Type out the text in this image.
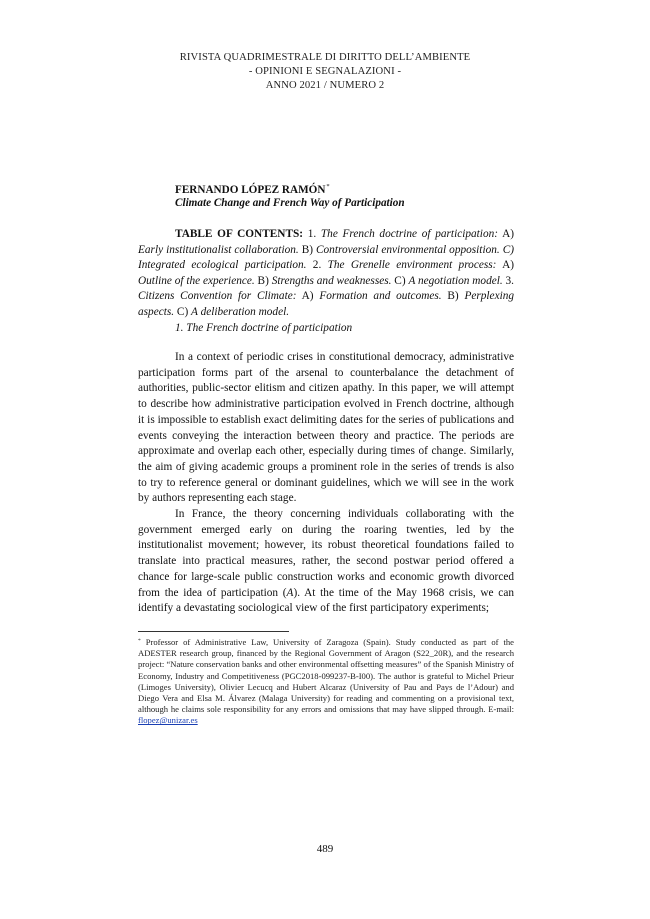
RIVISTA QUADRIMESTRALE DI DIRITTO DELL’AMBIENTE
- OPINIONI E SEGNALAZIONI -
ANNO 2021 / NUMERO 2
FERNANDO LÓPEZ RAMÓN*
Climate Change and French Way of Participation
TABLE OF CONTENTS: 1. The French doctrine of participation: A) Early institutionalist collaboration. B) Controversial environmental opposition. C) Integrated ecological participation. 2. The Grenelle environment process: A) Outline of the experience. B) Strengths and weaknesses. C) A negotiation model. 3. Citizens Convention for Climate: A) Formation and outcomes. B) Perplexing aspects. C) A deliberation model.
1. The French doctrine of participation

In a context of periodic crises in constitutional democracy, administrative participation forms part of the arsenal to counterbalance the detachment of authorities, public-sector elitism and citizen apathy. In this paper, we will attempt to describe how administrative participation evolved in French doctrine, although it is impossible to establish exact delimiting dates for the series of publications and events conveying the interaction between theory and practice. The periods are approximate and overlap each other, especially during times of change. Similarly, the aim of giving academic groups a prominent role in the series of trends is also to try to reference general or dominant guidelines, which we will see in the work by authors representing each stage.

In France, the theory concerning individuals collaborating with the government emerged early on during the roaring twenties, led by the institutionalist movement; however, its robust theoretical foundations failed to translate into practical measures, rather, the second postwar period offered a chance for large-scale public construction works and economic growth divorced from the idea of participation (A). At the time of the May 1968 crisis, we can identify a devastating sociological view of the first participatory experiments;

* Professor of Administrative Law, University of Zaragoza (Spain). Study conducted as part of the ADESTER research group, financed by the Regional Government of Aragon (S22_20R), and the research project: “Nature conservation banks and other environmental offsetting measures” of the Spanish Ministry of Economy, Industry and Competitiveness (PGC2018-099237-B-I00). The author is grateful to Michel Prieur (Limoges University), Olivier Lecucq and Hubert Alcaraz (University of Pau and Pays de l’Adour) and Diego Vera and Elsa M. Álvarez (Malaga University) for reading and commenting on a provisional text, although he claims sole responsibility for any errors and omissions that may have slipped through. E-mail: flopez@unizar.es
489
